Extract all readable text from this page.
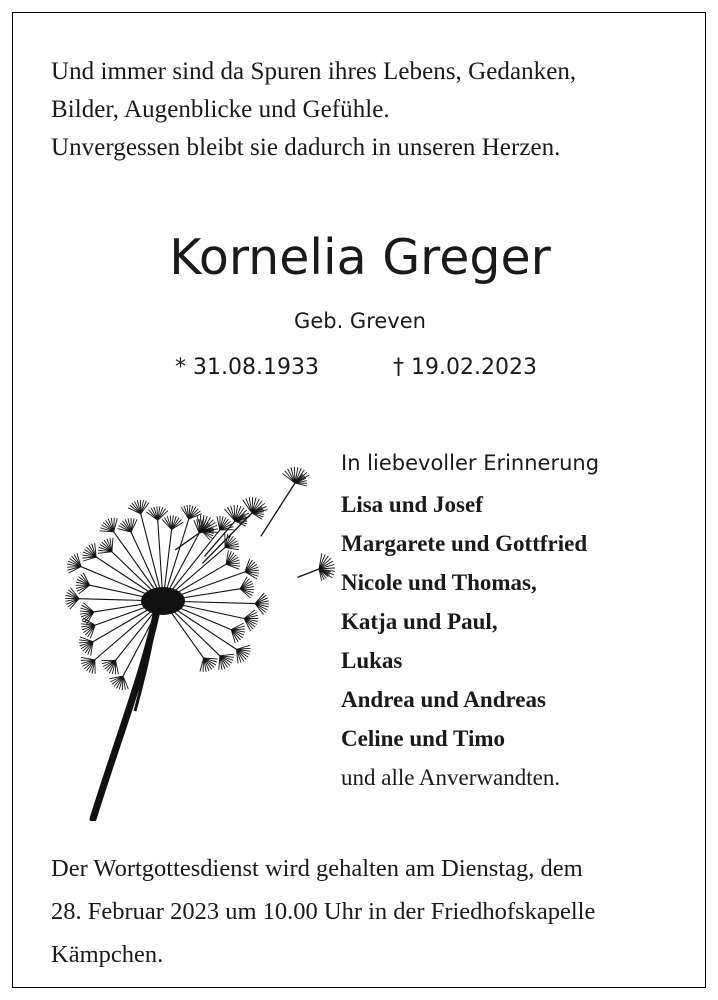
Und immer sind da Spuren ihres Lebens, Gedanken,
Bilder, Augenblicke und Gefühle.
Unvergessen bleibt sie dadurch in unseren Herzen.
Kornelia Greger
Geb. Greven
* 31.08.1933	† 19.02.2023
In liebevoller Erinnerung
Lisa und Josef
Margarete und Gottfried
Nicole und Thomas,
Katja und Paul,
Lukas
Andrea und Andreas
Celine und Timo
und alle Anverwandten.
Der Wortgottesdienst wird gehalten am Dienstag, dem
28. Februar 2023 um 10.00 Uhr in der Friedhofskapelle
Kämpchen.
